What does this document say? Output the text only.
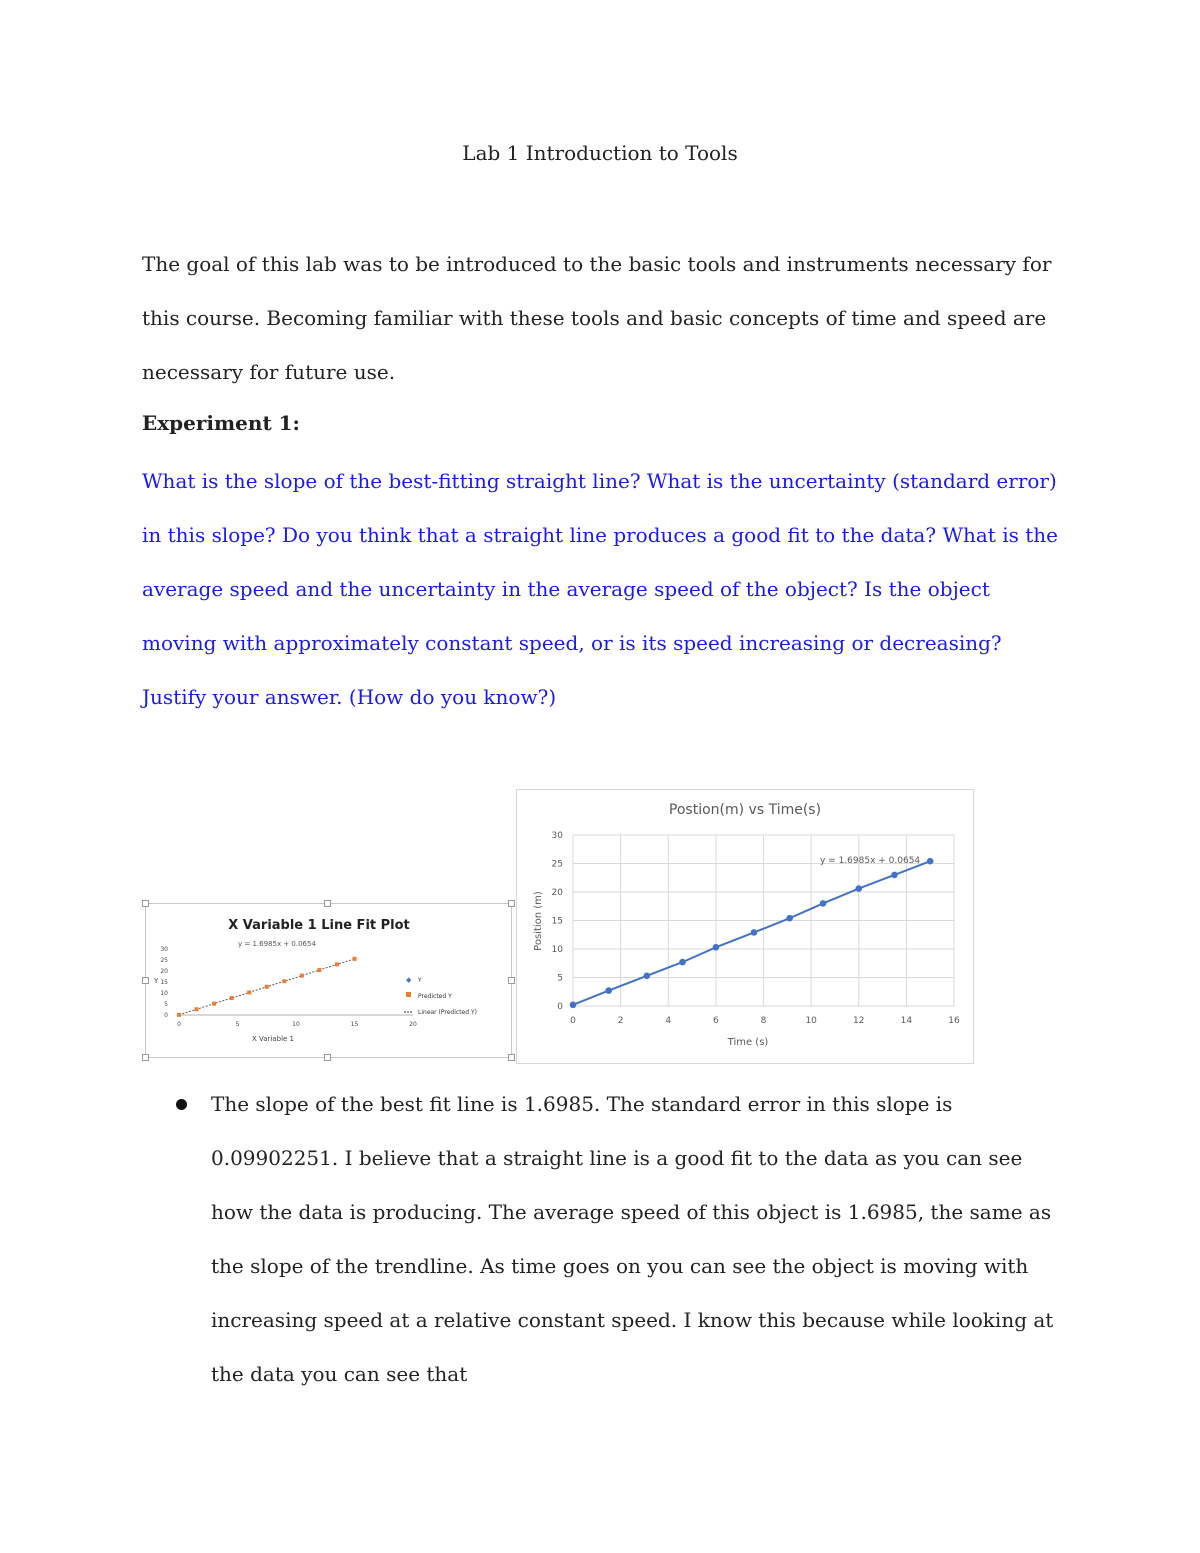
Lab 1 Introduction to Tools

The goal of this lab was to be introduced to the basic tools and instruments necessary for this course. Becoming familiar with these tools and basic concepts of time and speed are necessary for future use.

Experiment 1:

What is the slope of the best-fitting straight line? What is the uncertainty (standard error) in this slope? Do you think that a straight line produces a good fit to the data? What is the average speed and the uncertainty in the average speed of the object? Is the object moving with approximately constant speed, or is its speed increasing or decreasing? Justify your answer. (How do you know?)

X Variable 1 Line Fit Plot
y = 1.6985x + 0.0654
X Variable 1
Y
0	5	10	15	20
0
5
10
15
20
25
30
◆ Y
Predicted Y
Linear (Predicted Y)
Postion(m) vs Time(s)
Time (s)
Position (m)
0
5
10
15
20
25
30
0	2	4	6	8	10	12	14	16
y = 1.6985x + 0.0654

The slope of the best fit line is 1.6985. The standard error in this slope is 0.09902251. I believe that a straight line is a good fit to the data as you can see how the data is producing. The average speed of this object is 1.6985, the same as the slope of the trendline. As time goes on you can see the object is moving with increasing speed at a relative constant speed. I know this because while looking at the data you can see that
